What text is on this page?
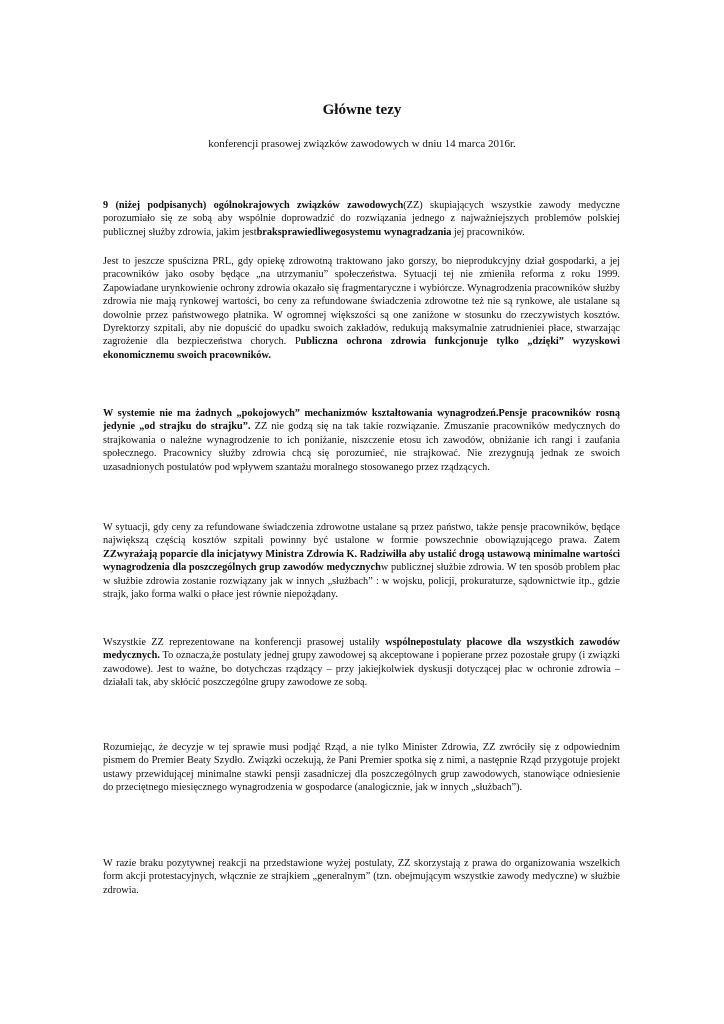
Główne tezy
konferencji prasowej związków zawodowych w dniu 14 marca 2016r.

9 (niżej podpisanych) ogólnokrajowych związków zawodowych(ZZ) skupiających wszystkie zawody medyczne porozumiało się ze sobą aby wspólnie doprowadzić do rozwiązania jednego z najważniejszych problemów polskiej publicznej służby zdrowia, jakim jestbraksprawiedliwegosystemu wynagradzania jej pracowników.

Jest to jeszcze spuścizna PRL, gdy opiekę zdrowotną traktowano jako gorszy, bo nieprodukcyjny dział gospodarki, a jej pracowników jako osoby będące „na utrzymaniu” społeczeństwa. Sytuacji tej nie zmieniła reforma z roku 1999. Zapowiadane urynkowienie ochrony zdrowia okazało się fragmentaryczne i wybiórcze. Wynagrodzenia pracowników służby zdrowia nie mają rynkowej wartości, bo ceny za refundowane świadczenia zdrowotne też nie są rynkowe, ale ustalane są dowolnie przez państwowego płatnika. W ogromnej większości są one zaniżone w stosunku do rzeczywistych kosztów. Dyrektorzy szpitali, aby nie dopuścić do upadku swoich zakładów, redukują maksymalnie zatrudnieniei płace, stwarzając zagrożenie dla bezpieczeństwa chorych. Publiczna ochrona zdrowia funkcjonuje tylko „dzięki” wyzyskowi ekonomicznemu swoich pracowników.

W systemie nie ma żadnych „pokojowych” mechanizmów kształtowania wynagrodzeń.Pensje pracowników rosną jedynie „od strajku do strajku”. ZZ nie godzą się na tak takie rozwiązanie. Zmuszanie pracowników medycznych do strajkowania o należne wynagrodzenie to ich poniżanie, niszczenie etosu ich zawodów, obniżanie ich rangi i zaufania społecznego. Pracownicy służby zdrowia chcą się porozumieć, nie strajkować. Nie zrezygnują jednak ze swoich uzasadnionych postulatów pod wpływem szantażu moralnego stosowanego przez rządzących.

W sytuacji, gdy ceny za refundowane świadczenia zdrowotne ustalane są przez państwo, także pensje pracowników, będące największą częścią kosztów szpitali powinny być ustalone w formie powszechnie obowiązującego prawa. Zatem ZZwyrażają poparcie dla inicjatywy Ministra Zdrowia K. Radziwiłła aby ustalić drogą ustawową minimalne wartości wynagrodzenia dla poszczególnych grup zawodów medycznychw publicznej służbie zdrowia. W ten sposób problem płac w służbie zdrowia zostanie rozwiązany jak w innych „służbach” : w wojsku, policji, prokuraturze, sądownictwie itp., gdzie strajk, jako forma walki o płace jest równie niepożądany.

Wszystkie ZZ reprezentowane na konferencji prasowej ustaliły wspólnepostulaty płacowe dla wszystkich zawodów medycznych. To oznacza,że postulaty jednej grupy zawodowej są akceptowane i popierane przez pozostałe grupy (i związki zawodowe). Jest to ważne, bo dotychczas rządzący – przy jakiejkolwiek dyskusji dotyczącej płac w ochronie zdrowia – działali tak, aby skłócić poszczególne grupy zawodowe ze sobą.

Rozumiejąc, że decyzje w tej sprawie musi podjąć Rząd, a nie tylko Minister Zdrowia, ZZ zwróciły się z odpowiednim pismem do Premier Beaty Szydło. Związki oczekują, że Pani Premier spotka się z nimi, a następnie Rząd przygotuje projekt ustawy przewidującej minimalne stawki pensji zasadniczej dla poszczególnych grup zawodowych, stanowiące odniesienie do przeciętnego miesięcznego wynagrodzenia w gospodarce (analogicznie, jak w innych „służbach”).

W razie braku pozytywnej reakcji na przedstawione wyżej postulaty, ZZ skorzystają z prawa do organizowania wszelkich form akcji protestacyjnych, włącznie ze strajkiem „generalnym” (tzn. obejmującym wszystkie zawody medyczne) w służbie zdrowia.
